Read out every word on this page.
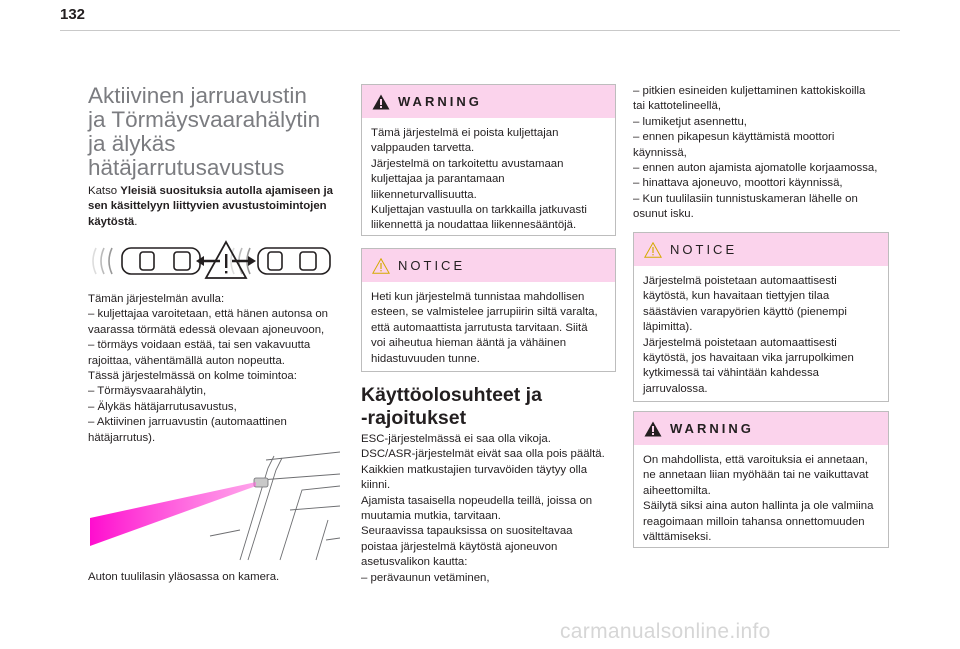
132
Aktiivinen jarruavustin
ja Törmäysvaarahälytin
ja älykäs
hätäjarrutusavustus
Katso Yleisiä suosituksia autolla ajamiseen ja
sen käsittelyyn liittyvien avustustoimintojen
käytöstä.

Tämän järjestelmän avulla:
– kuljettajaa varoitetaan, että hänen autonsa on
vaarassa törmätä edessä olevaan ajoneuvoon,
– törmäys voidaan estää, tai sen vakavuutta
rajoittaa, vähentämällä auton nopeutta.
Tässä järjestelmässä on kolme toimintoa:
– Törmäysvaarahälytin,
– Älykäs hätäjarrutusavustus,
– Aktiivinen jarruavustin (automaattinen
hätäjarrutus).

Auton tuulilasin yläosassa on kamera.
WARNING
Tämä järjestelmä ei poista kuljettajan
valppauden tarvetta.
Järjestelmä on tarkoitettu avustamaan
kuljettajaa ja parantamaan
liikenneturvallisuutta.
Kuljettajan vastuulla on tarkkailla jatkuvasti
liikennettä ja noudattaa liikennesääntöjä.
NOTICE
Heti kun järjestelmä tunnistaa mahdollisen
esteen, se valmistelee jarrupiirin siltä varalta,
että automaattista jarrutusta tarvitaan. Siitä
voi aiheutua hieman ääntä ja vähäinen
hidastuvuuden tunne.
Käyttöolosuhteet ja
-rajoitukset

ESC-järjestelmässä ei saa olla vikoja.
DSC/ASR-järjestelmät eivät saa olla pois päältä.
Kaikkien matkustajien turvavöiden täytyy olla
kiinni.
Ajamista tasaisella nopeudella teillä, joissa on
muutamia mutkia, tarvitaan.
Seuraavissa tapauksissa on suositeltavaa
poistaa järjestelmä käytöstä ajoneuvon
asetusvalikon kautta:
– perävaunun vetäminen,

– pitkien esineiden kuljettaminen kattokiskoilla
tai kattotelineellä,
– lumiketjut asennettu,
– ennen pikapesun käyttämistä moottori
käynnissä,
– ennen auton ajamista ajomatolle korjaamossa,
– hinattava ajoneuvo, moottori käynnissä,
– Kun tuulilasiin tunnistuskameran lähelle on
osunut isku.

NOTICE
Järjestelmä poistetaan automaattisesti
käytöstä, kun havaitaan tiettyjen tilaa
säästävien varapyörien käyttö (pienempi
läpimitta).
Järjestelmä poistetaan automaattisesti
käytöstä, jos havaitaan vika jarrupolkimen
kytkimessä tai vähintään kahdessa
jarruvalossa.
WARNING
On mahdollista, että varoituksia ei annetaan,
ne annetaan liian myöhään tai ne vaikuttavat
aiheettomilta.
Säilytä siksi aina auton hallinta ja ole valmiina
reagoimaan milloin tahansa onnettomuuden
välttämiseksi.
carmanualsonline.info
